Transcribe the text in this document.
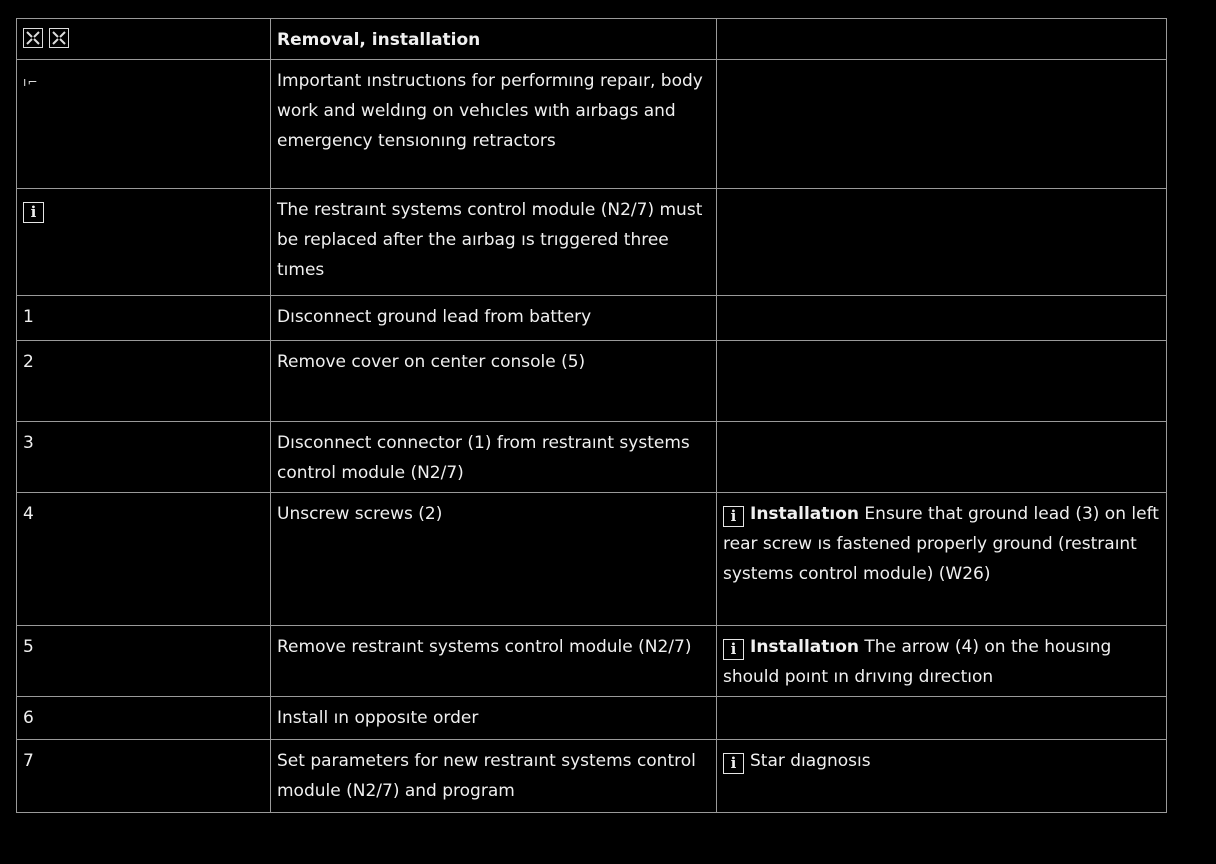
	Removal, installation	
ı⌐	Important ınstructıons for performıng repaır, body work and weldıng on vehıcles wıth aırbags and emergency tensıonıng retractors	
i	The restraınt systems control module (N2/7) must be replaced after the aırbag ıs trıggered three tımes	
1	Dısconnect ground lead from battery	
2	Remove cover on center console (5)	
3	Dısconnect connector (1) from restraınt systems control module (N2/7)	
4	Unscrew screws (2)	i Installatıon Ensure that ground lead (3) on left rear screw ıs fastened properly ground (restraınt systems control module) (W26)
5	Remove restraınt systems control module (N2/7)	i Installatıon The arrow (4) on the housıng should poınt ın drıvıng dırectıon
6	Install ın opposıte order	
7	Set parameters for new restraınt systems control module (N2/7) and program	i Star dıagnosıs
